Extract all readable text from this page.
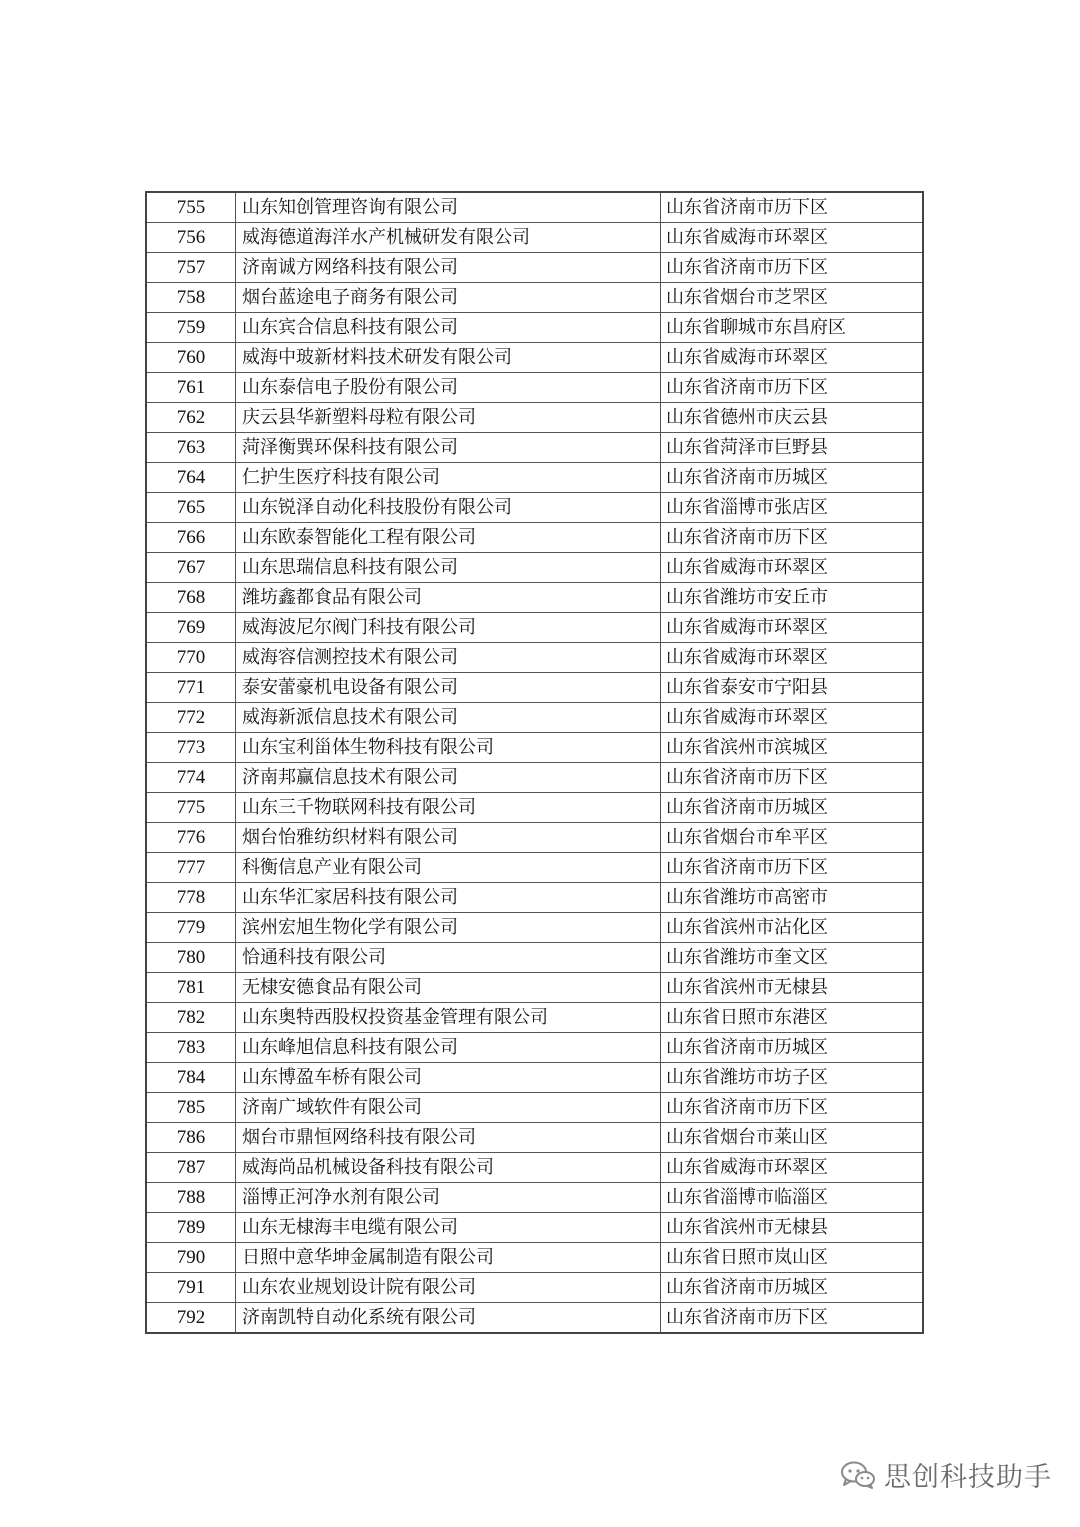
755	山东知创管理咨询有限公司	山东省济南市历下区
756	威海德道海洋水产机械研发有限公司	山东省威海市环翠区
757	济南诚方网络科技有限公司	山东省济南市历下区
758	烟台蓝途电子商务有限公司	山东省烟台市芝罘区
759	山东宾合信息科技有限公司	山东省聊城市东昌府区
760	威海中玻新材料技术研发有限公司	山东省威海市环翠区
761	山东泰信电子股份有限公司	山东省济南市历下区
762	庆云县华新塑料母粒有限公司	山东省德州市庆云县
763	菏泽衡巽环保科技有限公司	山东省菏泽市巨野县
764	仁护生医疗科技有限公司	山东省济南市历城区
765	山东锐泽自动化科技股份有限公司	山东省淄博市张店区
766	山东欧泰智能化工程有限公司	山东省济南市历下区
767	山东思瑞信息科技有限公司	山东省威海市环翠区
768	潍坊鑫都食品有限公司	山东省潍坊市安丘市
769	威海波尼尔阀门科技有限公司	山东省威海市环翠区
770	威海容信测控技术有限公司	山东省威海市环翠区
771	泰安蕾豪机电设备有限公司	山东省泰安市宁阳县
772	威海新派信息技术有限公司	山东省威海市环翠区
773	山东宝利甾体生物科技有限公司	山东省滨州市滨城区
774	济南邦赢信息技术有限公司	山东省济南市历下区
775	山东三千物联网科技有限公司	山东省济南市历城区
776	烟台怡雅纺织材料有限公司	山东省烟台市牟平区
777	科衡信息产业有限公司	山东省济南市历下区
778	山东华汇家居科技有限公司	山东省潍坊市高密市
779	滨州宏旭生物化学有限公司	山东省滨州市沾化区
780	恰通科技有限公司	山东省潍坊市奎文区
781	无棣安德食品有限公司	山东省滨州市无棣县
782	山东奥特西股权投资基金管理有限公司	山东省日照市东港区
783	山东峰旭信息科技有限公司	山东省济南市历城区
784	山东博盈车桥有限公司	山东省潍坊市坊子区
785	济南广域软件有限公司	山东省济南市历下区
786	烟台市鼎恒网络科技有限公司	山东省烟台市莱山区
787	威海尚品机械设备科技有限公司	山东省威海市环翠区
788	淄博正河净水剂有限公司	山东省淄博市临淄区
789	山东无棣海丰电缆有限公司	山东省滨州市无棣县
790	日照中意华坤金属制造有限公司	山东省日照市岚山区
791	山东农业规划设计院有限公司	山东省济南市历城区
792	济南凯特自动化系统有限公司	山东省济南市历下区
思创科技助手
